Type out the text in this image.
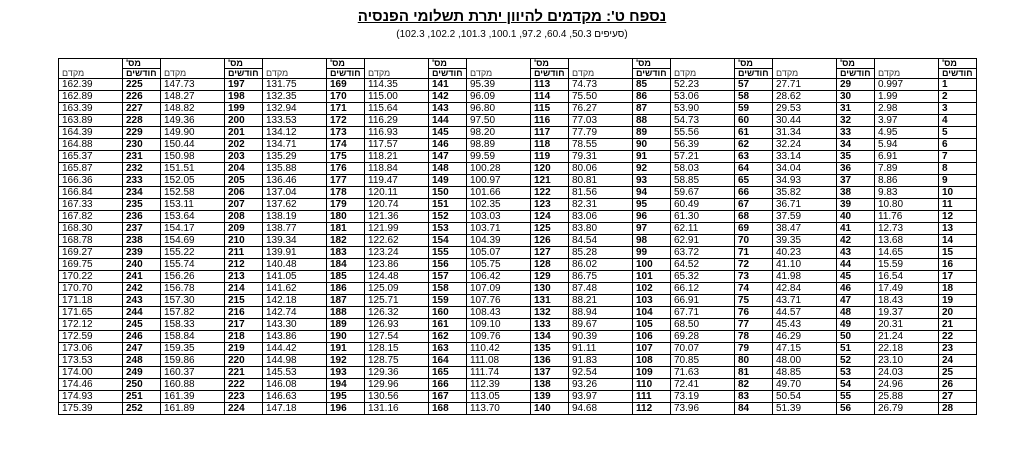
נספח ט': מקדמים להיוון יתרת תשלומי הפנסיה
(סעיפים 50.3, 60.4, 97.2, 100.1, 101.3, 102.2, 102.3)
מס'		מס'		מס'		מס'		מס'		מס'		מס'		מס'		מס'	
חודשים	מקדם	חודשים	מקדם	חודשים	מקדם	חודשים	מקדם	חודשים	מקדם	חודשים	מקדם	חודשים	מקדם	חודשים	מקדם	חודשים	מקדם
1	0.997	29	27.71	57	52.23	85	74.73	113	95.39	141	114.35	169	131.75	197	147.73	225	162.39
2	1.99	30	28.62	58	53.06	86	75.50	114	96.09	142	115.00	170	132.35	198	148.27	226	162.89
3	2.98	31	29.53	59	53.90	87	76.27	115	96.80	143	115.64	171	132.94	199	148.82	227	163.39
4	3.97	32	30.44	60	54.73	88	77.03	116	97.50	144	116.29	172	133.53	200	149.36	228	163.89
5	4.95	33	31.34	61	55.56	89	77.79	117	98.20	145	116.93	173	134.12	201	149.90	229	164.39
6	5.94	34	32.24	62	56.39	90	78.55	118	98.89	146	117.57	174	134.71	202	150.44	230	164.88
7	6.91	35	33.14	63	57.21	91	79.31	119	99.59	147	118.21	175	135.29	203	150.98	231	165.37
8	7.89	36	34.04	64	58.03	92	80.06	120	100.28	148	118.84	176	135.88	204	151.51	232	165.87
9	8.86	37	34.93	65	58.85	93	80.81	121	100.97	149	119.47	177	136.46	205	152.05	233	166.36
10	9.83	38	35.82	66	59.67	94	81.56	122	101.66	150	120.11	178	137.04	206	152.58	234	166.84
11	10.80	39	36.71	67	60.49	95	82.31	123	102.35	151	120.74	179	137.62	207	153.11	235	167.33
12	11.76	40	37.59	68	61.30	96	83.06	124	103.03	152	121.36	180	138.19	208	153.64	236	167.82
13	12.73	41	38.47	69	62.11	97	83.80	125	103.71	153	121.99	181	138.77	209	154.17	237	168.30
14	13.68	42	39.35	70	62.91	98	84.54	126	104.39	154	122.62	182	139.34	210	154.69	238	168.78
15	14.65	43	40.23	71	63.72	99	85.28	127	105.07	155	123.24	183	139.91	211	155.22	239	169.27
16	15.59	44	41.10	72	64.52	100	86.02	128	105.75	156	123.86	184	140.48	212	155.74	240	169.75
17	16.54	45	41.98	73	65.32	101	86.75	129	106.42	157	124.48	185	141.05	213	156.26	241	170.22
18	17.49	46	42.84	74	66.12	102	87.48	130	107.09	158	125.09	186	141.62	214	156.78	242	170.70
19	18.43	47	43.71	75	66.91	103	88.21	131	107.76	159	125.71	187	142.18	215	157.30	243	171.18
20	19.37	48	44.57	76	67.71	104	88.94	132	108.43	160	126.32	188	142.74	216	157.82	244	171.65
21	20.31	49	45.43	77	68.50	105	89.67	133	109.10	161	126.93	189	143.30	217	158.33	245	172.12
22	21.24	50	46.29	78	69.28	106	90.39	134	109.76	162	127.54	190	143.86	218	158.84	246	172.59
23	22.18	51	47.15	79	70.07	107	91.11	135	110.42	163	128.15	191	144.42	219	159.35	247	173.06
24	23.10	52	48.00	80	70.85	108	91.83	136	111.08	164	128.75	192	144.98	220	159.86	248	173.53
25	24.03	53	48.85	81	71.63	109	92.54	137	111.74	165	129.36	193	145.53	221	160.37	249	174.00
26	24.96	54	49.70	82	72.41	110	93.26	138	112.39	166	129.96	194	146.08	222	160.88	250	174.46
27	25.88	55	50.54	83	73.19	111	93.97	139	113.05	167	130.56	195	146.63	223	161.39	251	174.93
28	26.79	56	51.39	84	73.96	112	94.68	140	113.70	168	131.16	196	147.18	224	161.89	252	175.39
